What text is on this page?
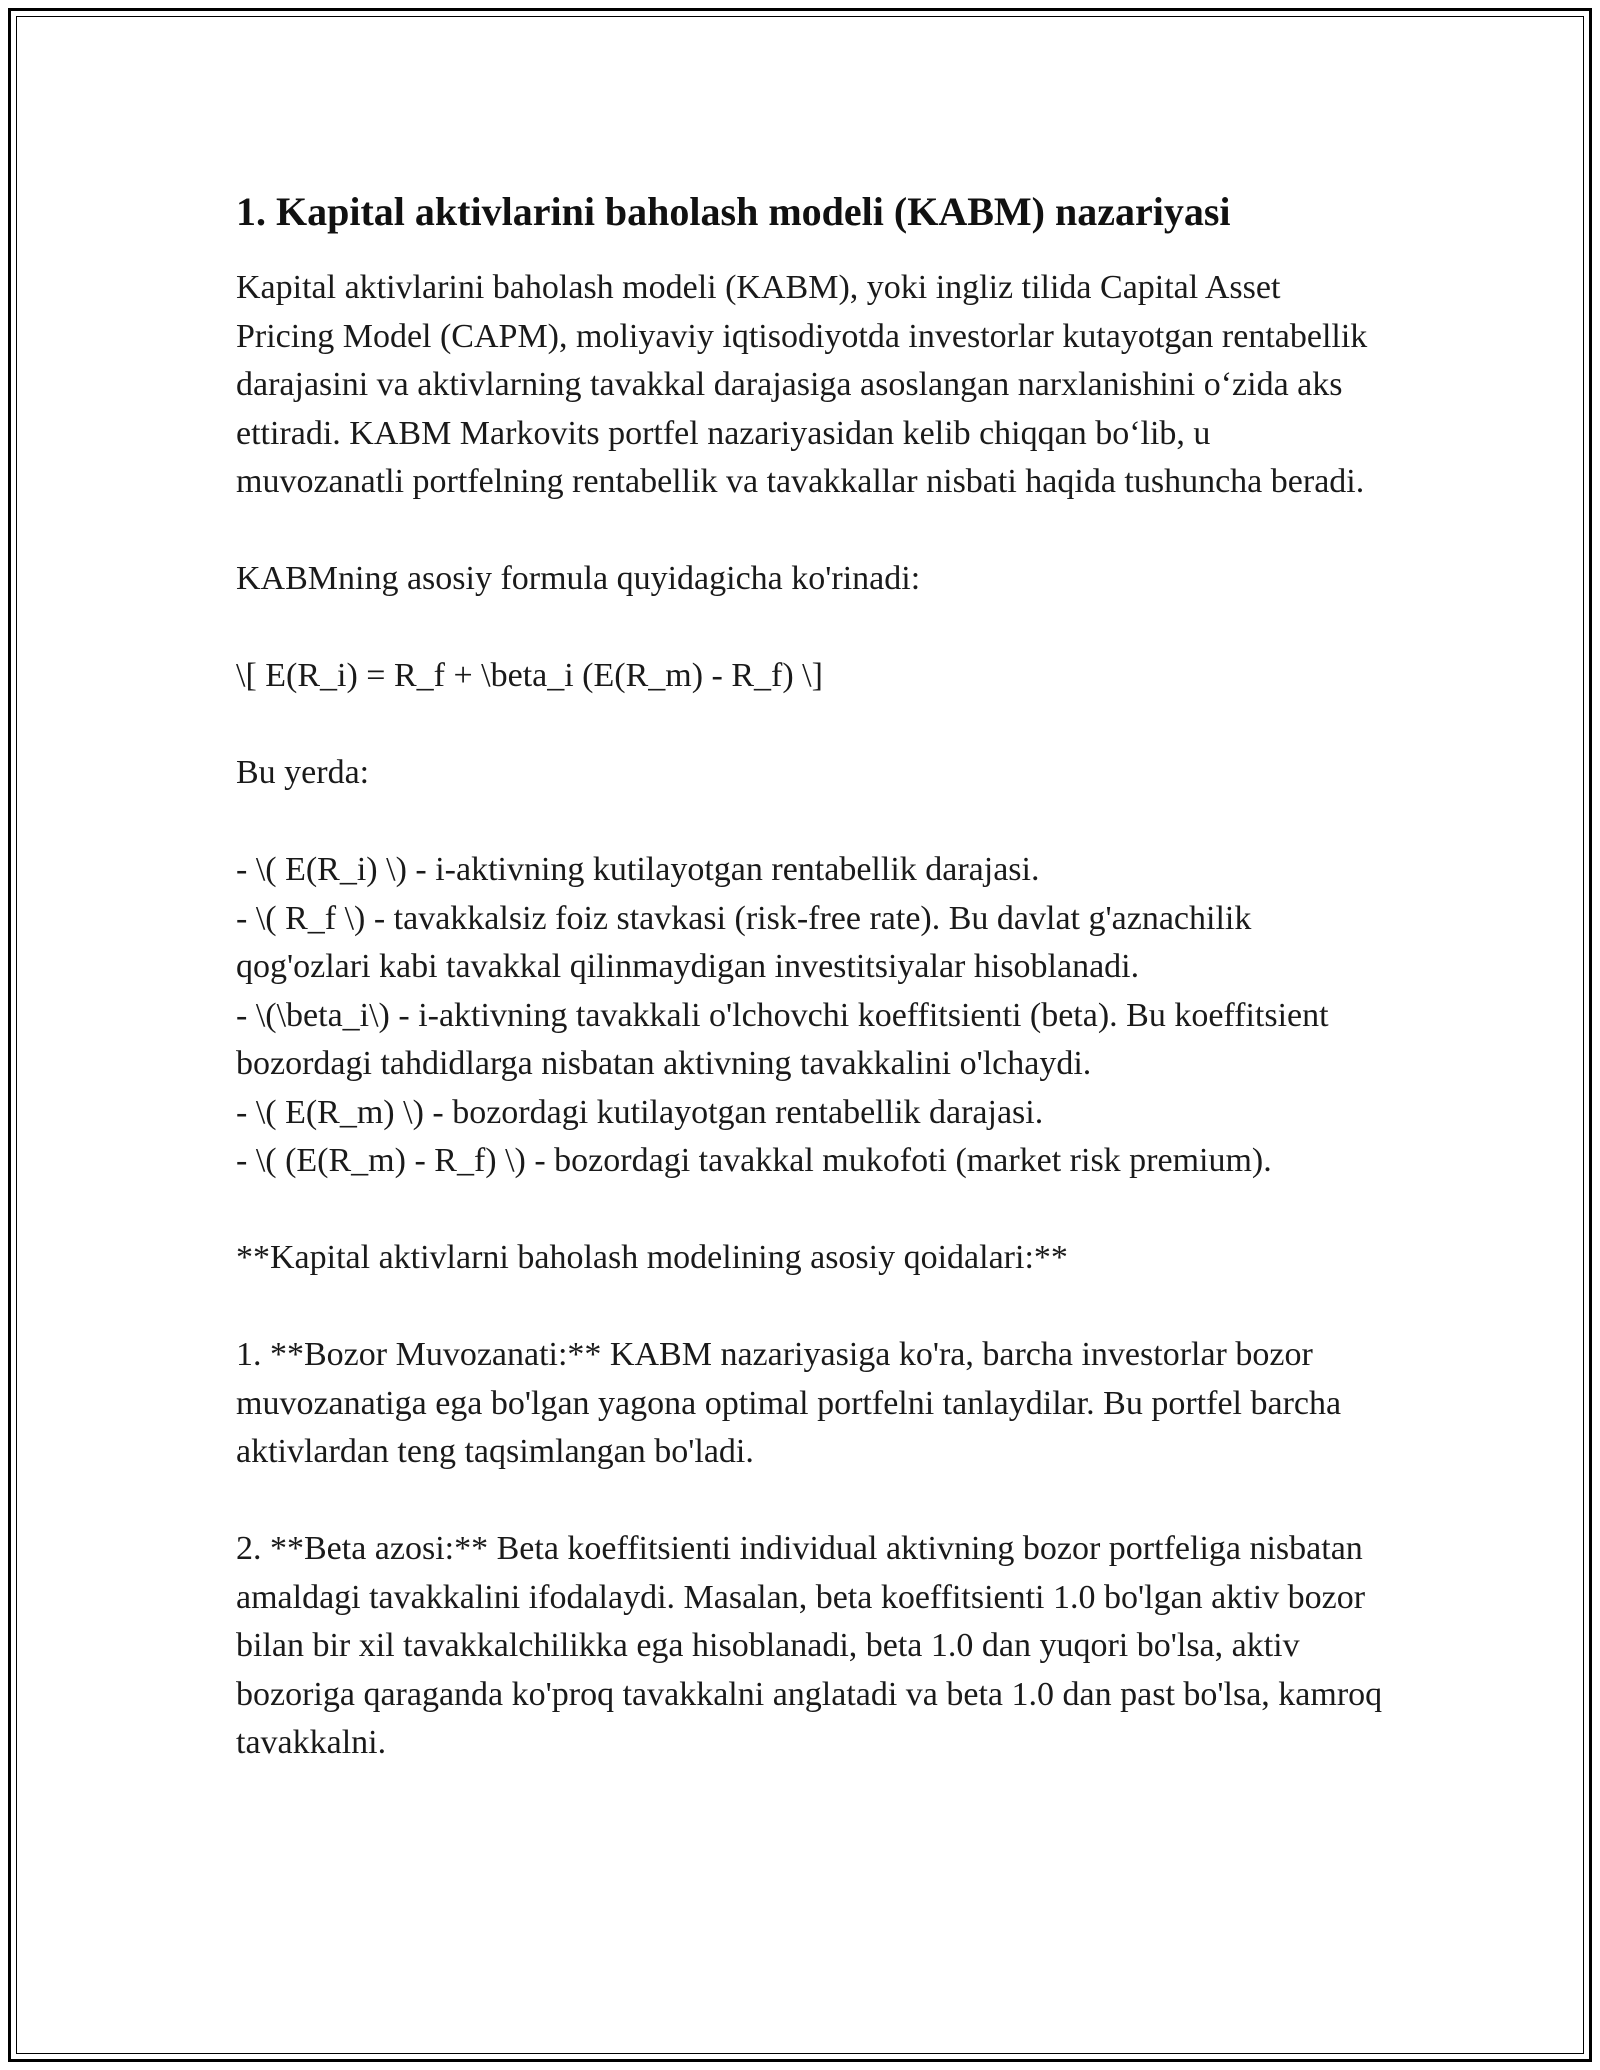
1. Kapital aktivlarini baholash modeli (KABM) nazariyasi

Kapital aktivlarini baholash modeli (KABM), yoki ingliz tilida Capital Asset Pricing Model (CAPM), moliyaviy iqtisodiyotda investorlar kutayotgan rentabellik darajasini va aktivlarning tavakkal darajasiga asoslangan narxlanishini o‘zida aks ettiradi. KABM Markovits portfel nazariyasidan kelib chiqqan bo‘lib, u muvozanatli portfelning rentabellik va tavakkallar nisbati haqida tushuncha beradi.

KABMning asosiy formula quyidagicha ko'rinadi:

\[ E(R_i) = R_f + \beta_i (E(R_m) - R_f) \]

Bu yerda:

- \( E(R_i) \) - i-aktivning kutilayotgan rentabellik darajasi.

- \( R_f \) - tavakkalsiz foiz stavkasi (risk-free rate). Bu davlat g'aznachilik qog'ozlari kabi tavakkal qilinmaydigan investitsiyalar hisoblanadi.

- \(\beta_i\) - i-aktivning tavakkali o'lchovchi koeffitsienti (beta). Bu koeffitsient bozordagi tahdidlarga nisbatan aktivning tavakkalini o'lchaydi.

- \( E(R_m) \) - bozordagi kutilayotgan rentabellik darajasi.

- \( (E(R_m) - R_f) \) - bozordagi tavakkal mukofoti (market risk premium).

**Kapital aktivlarni baholash modelining asosiy qoidalari:**

1. **Bozor Muvozanati:** KABM nazariyasiga ko'ra, barcha investorlar bozor muvozanatiga ega bo'lgan yagona optimal portfelni tanlaydilar. Bu portfel barcha aktivlardan teng taqsimlangan bo'ladi.

2. **Beta azosi:** Beta koeffitsienti individual aktivning bozor portfeliga nisbatan amaldagi tavakkalini ifodalaydi. Masalan, beta koeffitsienti 1.0 bo'lgan aktiv bozor bilan bir xil tavakkalchilikka ega hisoblanadi, beta 1.0 dan yuqori bo'lsa, aktiv bozoriga qaraganda ko'proq tavakkalni anglatadi va beta 1.0 dan past bo'lsa, kamroq tavakkalni.
